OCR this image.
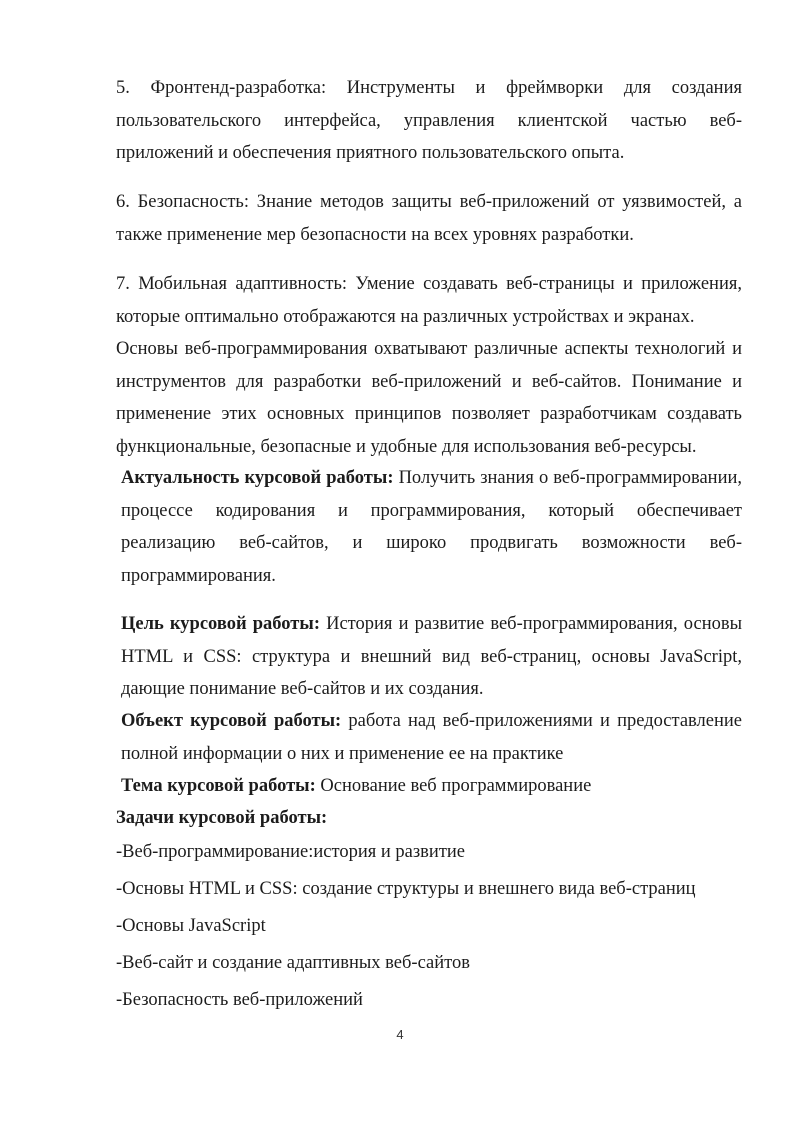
5. Фронтенд-разработка: Инструменты и фреймворки для создания пользовательского интерфейса, управления клиентской частью веб-приложений и обеспечения приятного пользовательского опыта.

6. Безопасность: Знание методов защиты веб-приложений от уязвимостей, а также применение мер безопасности на всех уровнях разработки.

7. Мобильная адаптивность: Умение создавать веб-страницы и приложения, которые оптимально отображаются на различных устройствах и экранах.

Основы веб-программирования охватывают различные аспекты технологий и инструментов для разработки веб-приложений и веб-сайтов. Понимание и применение этих основных принципов позволяет разработчикам создавать функциональные, безопасные и удобные для использования веб-ресурсы.

Актуальность курсовой работы: Получить знания о веб-программировании, процессе кодирования и программирования, который обеспечивает реализацию веб-сайтов, и широко продвигать возможности веб-программирования.

Цель курсовой работы: История и развитие веб-программирования, основы HTML и CSS: структура и внешний вид веб-страниц, основы JavaScript, дающие понимание веб-сайтов и их создания.

Объект курсовой работы: работа над веб-приложениями и предоставление полной информации о них и применение ее на практике

Тема курсовой работы: Основание веб программирование

Задачи курсовой работы:

-Веб-программирование:история и развитие

-Основы HTML и CSS: создание структуры и внешнего вида веб-страниц

-Основы JavaScript

-Веб-сайт и создание адаптивных веб-сайтов

-Безопасность веб-приложений

4
